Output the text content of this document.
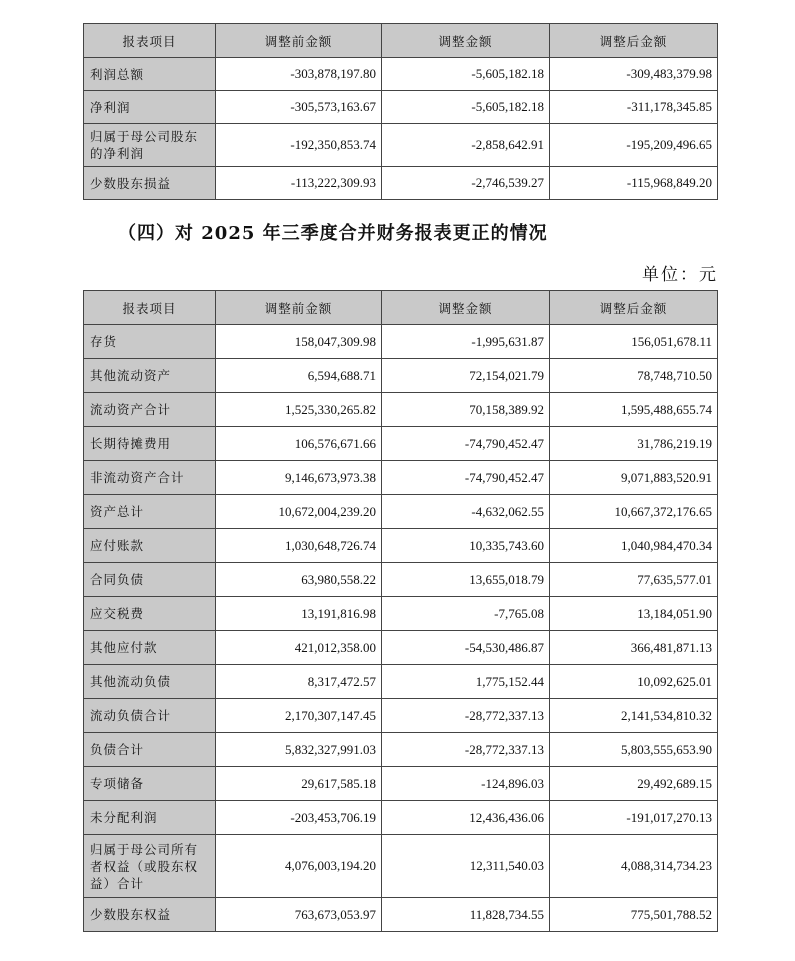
报表项目	调整前金额	调整金额	调整后金额
利润总额	-303,878,197.80	-5,605,182.18	-309,483,379.98
净利润	-305,573,163.67	-5,605,182.18	-311,178,345.85
归属于母公司股东的净利润	-192,350,853.74	-2,858,642.91	-195,209,496.65
少数股东损益	-113,222,309.93	-2,746,539.27	-115,968,849.20
（四）对 2025 年三季度合并财务报表更正的情况
单位：元
报表项目	调整前金额	调整金额	调整后金额
存货	158,047,309.98	-1,995,631.87	156,051,678.11
其他流动资产	6,594,688.71	72,154,021.79	78,748,710.50
流动资产合计	1,525,330,265.82	70,158,389.92	1,595,488,655.74
长期待摊费用	106,576,671.66	-74,790,452.47	31,786,219.19
非流动资产合计	9,146,673,973.38	-74,790,452.47	9,071,883,520.91
资产总计	10,672,004,239.20	-4,632,062.55	10,667,372,176.65
应付账款	1,030,648,726.74	10,335,743.60	1,040,984,470.34
合同负债	63,980,558.22	13,655,018.79	77,635,577.01
应交税费	13,191,816.98	-7,765.08	13,184,051.90
其他应付款	421,012,358.00	-54,530,486.87	366,481,871.13
其他流动负债	8,317,472.57	1,775,152.44	10,092,625.01
流动负债合计	2,170,307,147.45	-28,772,337.13	2,141,534,810.32
负债合计	5,832,327,991.03	-28,772,337.13	5,803,555,653.90
专项储备	29,617,585.18	-124,896.03	29,492,689.15
未分配利润	-203,453,706.19	12,436,436.06	-191,017,270.13
归属于母公司所有者权益（或股东权益）合计	4,076,003,194.20	12,311,540.03	4,088,314,734.23
少数股东权益	763,673,053.97	11,828,734.55	775,501,788.52
